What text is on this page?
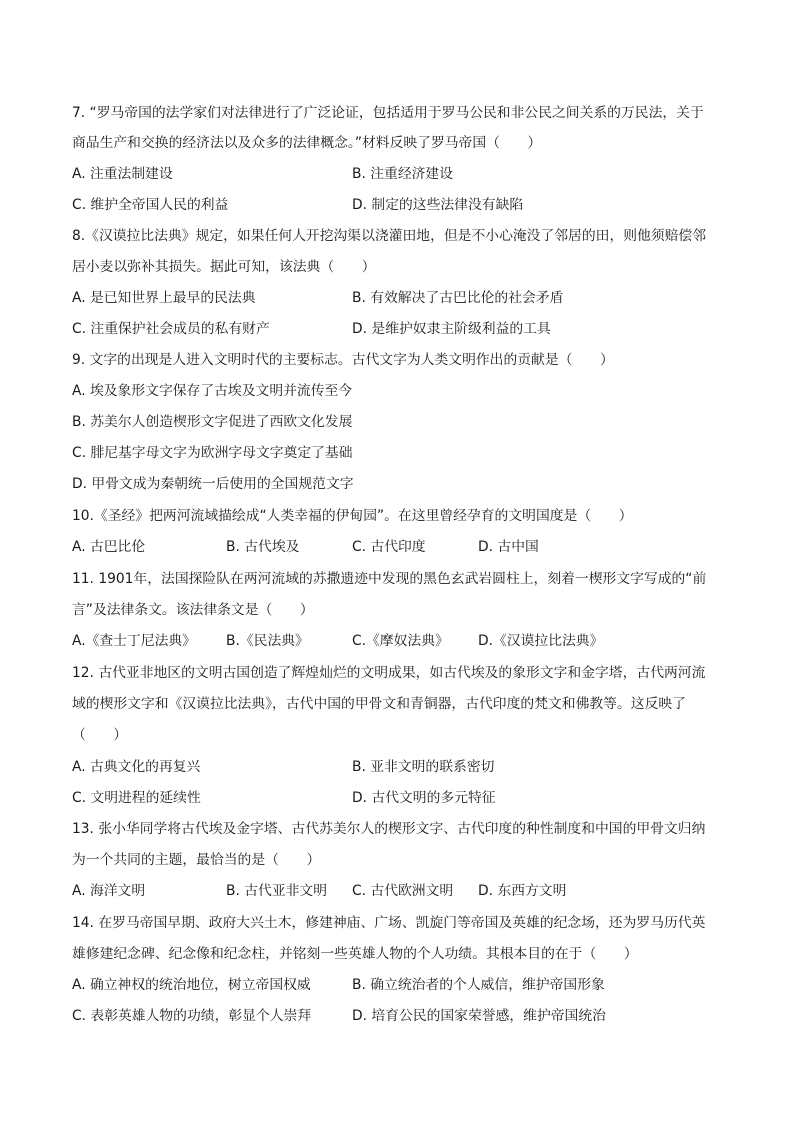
7. “罗马帝国的法学家们对法律进行了广泛论证，包括适用于罗马公民和非公民之间关系的万民法，关于
商品生产和交换的经济法以及众多的法律概念。”材料反映了罗马帝国（　　）
A. 注重法制建设	B. 注重经济建设
C. 维护全帝国人民的利益	D. 制定的这些法律没有缺陷
8.《汉谟拉比法典》规定，如果任何人开挖沟渠以浇灌田地，但是不小心淹没了邻居的田，则他须赔偿邻
居小麦以弥补其损失。据此可知，该法典（　　）
A. 是已知世界上最早的民法典	B. 有效解决了古巴比伦的社会矛盾
C. 注重保护社会成员的私有财产	D. 是维护奴隶主阶级利益的工具
9. 文字的出现是人进入文明时代的主要标志。古代文字为人类文明作出的贡献是（　　）
A. 埃及象形文字保存了古埃及文明并流传至今
B. 苏美尔人创造楔形文字促进了西欧文化发展
C. 腓尼基字母文字为欧洲字母文字奠定了基础
D. 甲骨文成为秦朝统一后使用的全国规范文字
10.《圣经》把两河流域描绘成“人类幸福的伊甸园”。在这里曾经孕育的文明国度是（　　）
A. 古巴比伦	B. 古代埃及	C. 古代印度	D. 古中国
11. 1901年，法国探险队在两河流域的苏撒遗迹中发现的黑色玄武岩圆柱上，刻着一楔形文字写成的“前
言”及法律条文。该法律条文是（　　）
A.《查士丁尼法典》 B.《民法典》	C.《摩奴法典》 D.《汉谟拉比法典》
12. 古代亚非地区的文明古国创造了辉煌灿烂的文明成果，如古代埃及的象形文字和金字塔，古代两河流
域的楔形文字和《汉谟拉比法典》，古代中国的甲骨文和青铜器，古代印度的梵文和佛教等。这反映了
（　　）
A. 古典文化的再复兴	B. 亚非文明的联系密切
C. 文明进程的延续性	D. 古代文明的多元特征
13. 张小华同学将古代埃及金字塔、古代苏美尔人的楔形文字、古代印度的种性制度和中国的甲骨文归纳
为一个共同的主题，最恰当的是（　　）
A. 海洋文明	B. 古代亚非文明 C. 古代欧洲文明 D. 东西方文明
14. 在罗马帝国早期、政府大兴土木，修建神庙、广场、凯旋门等帝国及英雄的纪念场，还为罗马历代英
雄修建纪念碑、纪念像和纪念柱，并铭刻一些英雄人物的个人功绩。其根本目的在于（　　）
A. 确立神权的统治地位，树立帝国权威	B. 确立统治者的个人威信，维护帝国形象
C. 表彰英雄人物的功绩，彰显个人崇拜	D. 培育公民的国家荣誉感，维护帝国统治
